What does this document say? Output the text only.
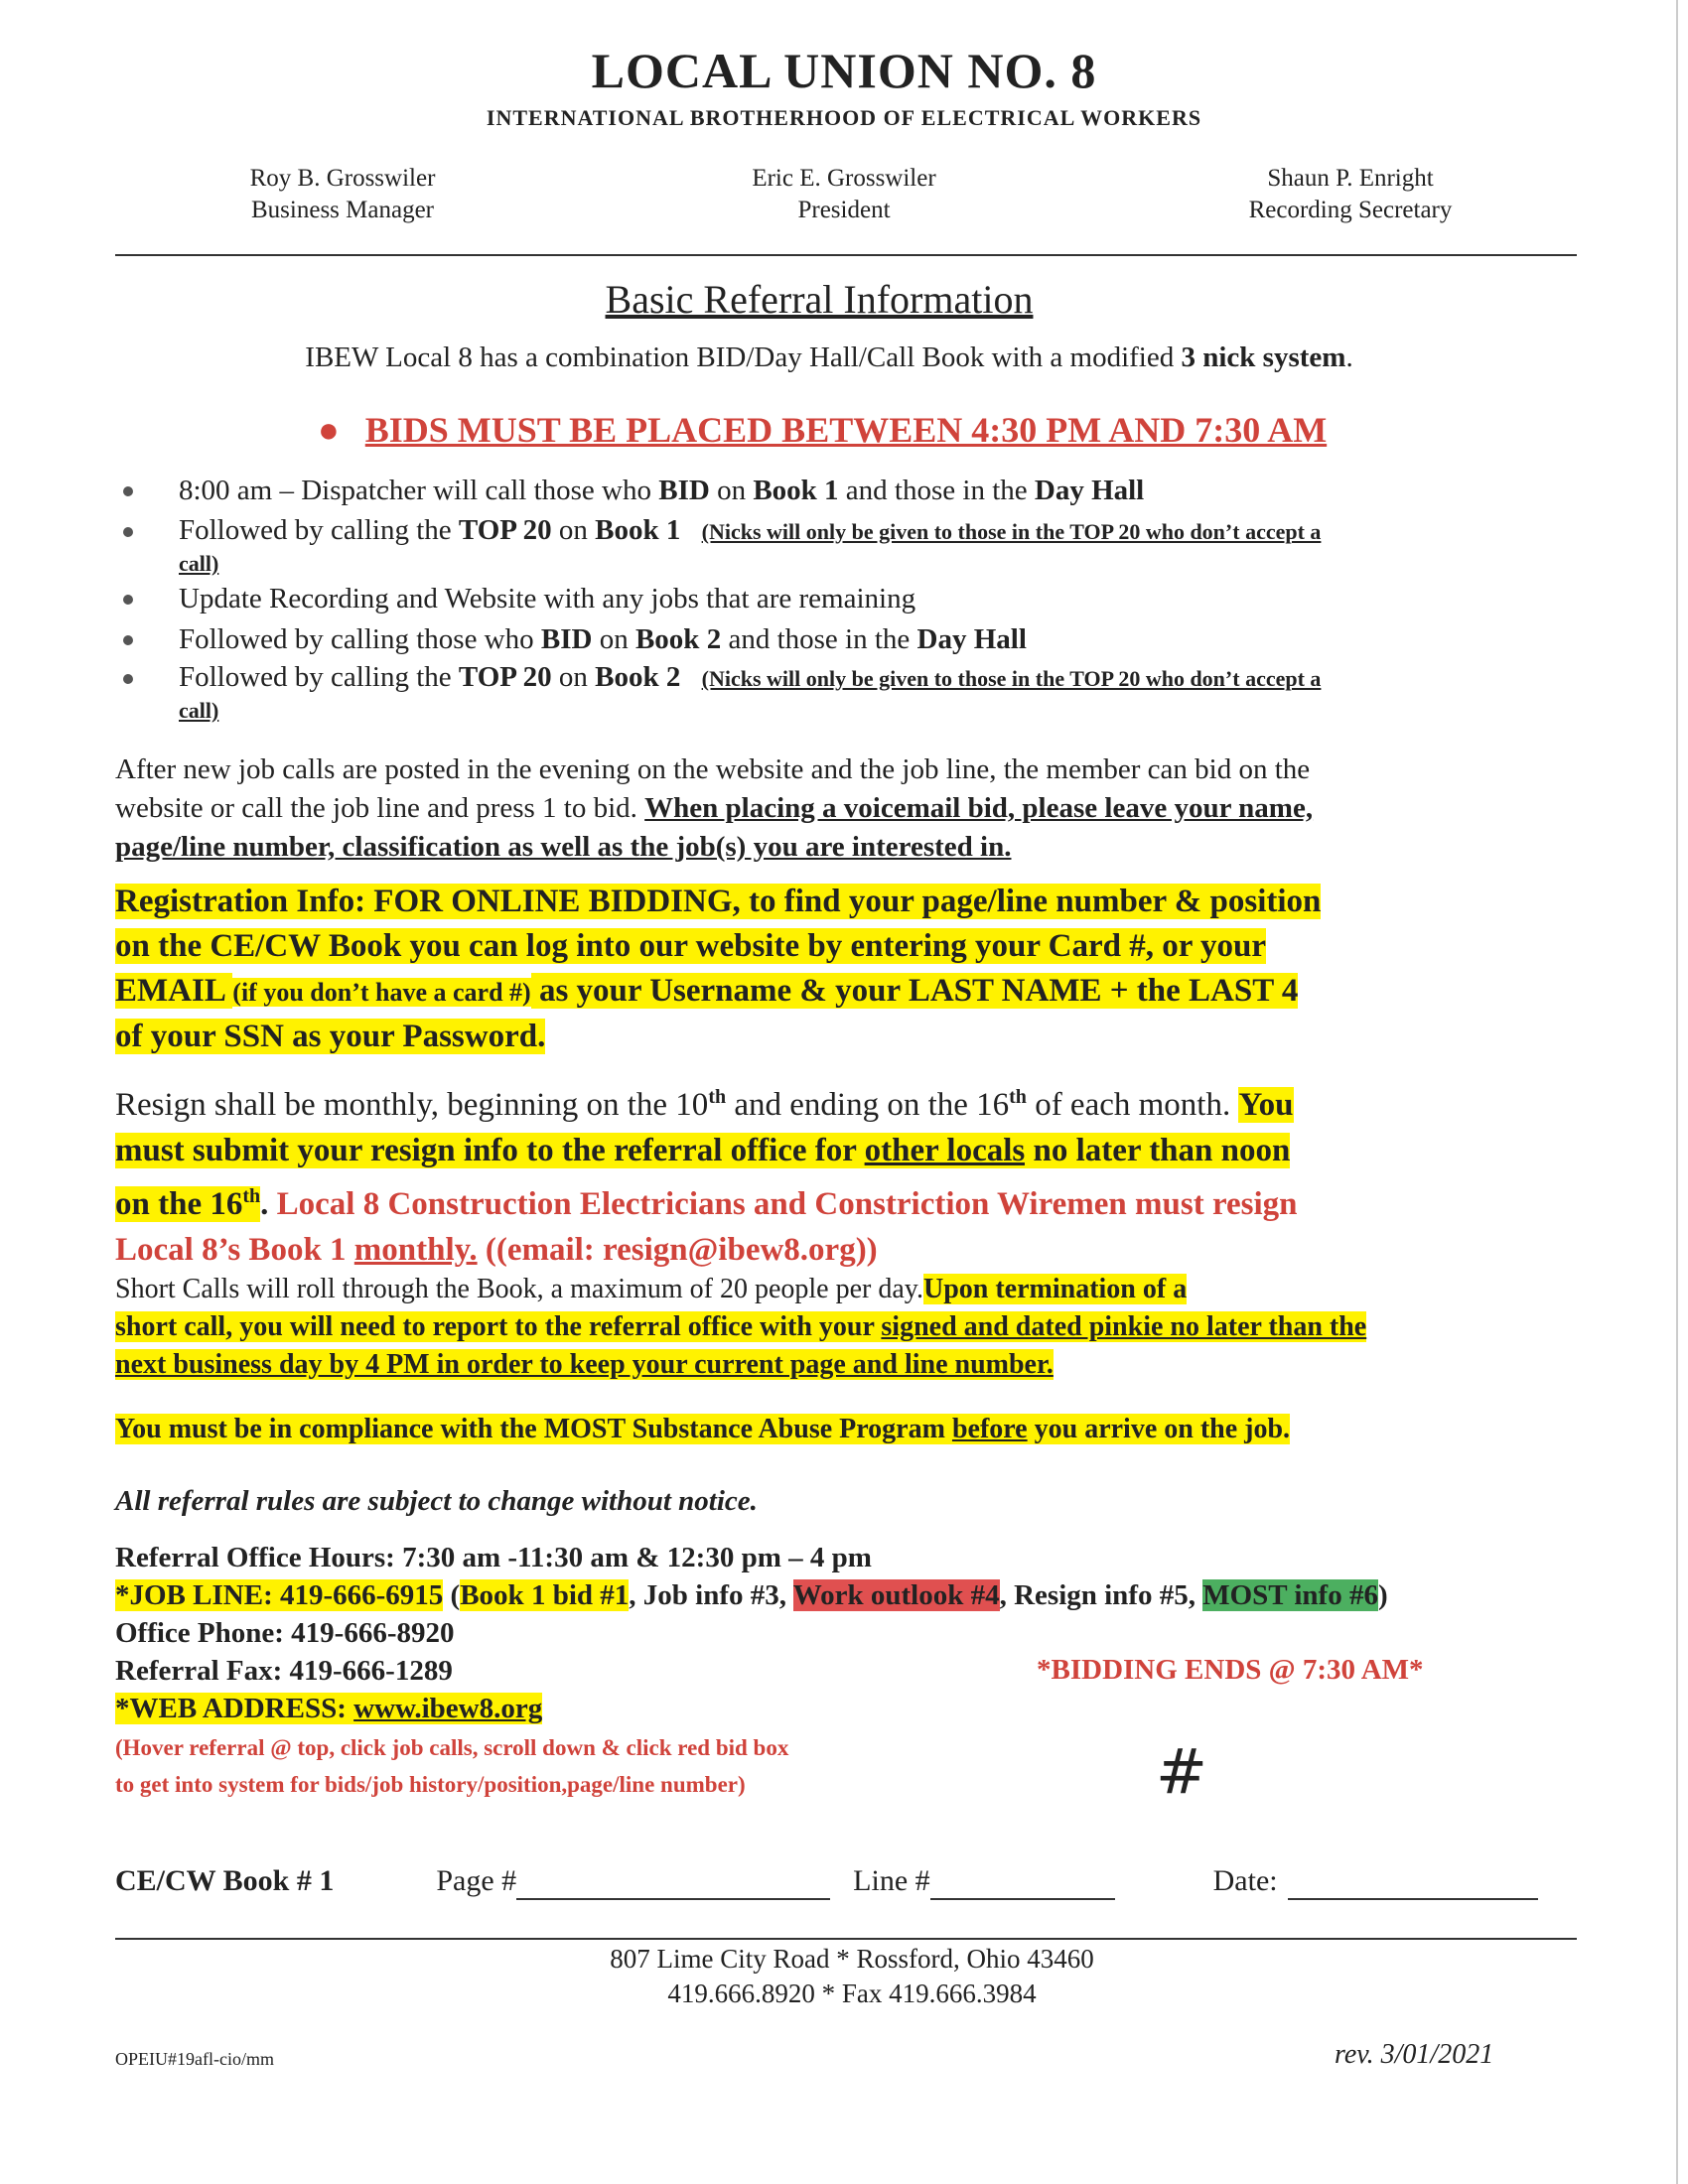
LOCAL UNION NO. 8
INTERNATIONAL BROTHERHOOD OF ELECTRICAL WORKERS
Roy B. Grosswiler
Business Manager
Eric E. Grosswiler
President
Shaun P. Enright
Recording Secretary
Basic Referral Information
IBEW Local 8 has a combination BID/Day Hall/Call Book with a modified 3 nick system.
● BIDS MUST BE PLACED BETWEEN 4:30 PM AND 7:30 AM
8:00 am – Dispatcher will call those who BID on Book 1 and those in the Day Hall
Followed by calling the TOP 20 on Book 1 (Nicks will only be given to those in the TOP 20 who don’t accept a
call)
Update Recording and Website with any jobs that are remaining
Followed by calling those who BID on Book 2 and those in the Day Hall
Followed by calling the TOP 20 on Book 2 (Nicks will only be given to those in the TOP 20 who don’t accept a
call)
After new job calls are posted in the evening on the website and the job line, the member can bid on the
website or call the job line and press 1 to bid. When placing a voicemail bid, please leave your name,
page/line number, classification as well as the job(s) you are interested in.
Registration Info: FOR ONLINE BIDDING, to find your page/line number & position
on the CE/CW Book you can log into our website by entering your Card #, or your
EMAIL (if you don’t have a card #) as your Username & your LAST NAME + the LAST 4
of your SSN as your Password.
Resign shall be monthly, beginning on the 10th and ending on the 16th of each month. You
must submit your resign info to the referral office for other locals no later than noon
on the 16th. Local 8 Construction Electricians and Constriction Wiremen must resign
Local 8’s Book 1 monthly. ((email: resign@ibew8.org))
Short Calls will roll through the Book, a maximum of 20 people per day.Upon termination of a
short call, you will need to report to the referral office with your signed and dated pinkie no later than the
next business day by 4 PM in order to keep your current page and line number.
You must be in compliance with the MOST Substance Abuse Program before you arrive on the job.
All referral rules are subject to change without notice.
Referral Office Hours: 7:30 am -11:30 am & 12:30 pm – 4 pm
*JOB LINE: 419-666-6915 (Book 1 bid #1, Job info #3, Work outlook #4, Resign info #5, MOST info #6)
Office Phone: 419-666-8920
Referral Fax: 419-666-1289
*WEB ADDRESS: www.ibew8.org
*BIDDING ENDS @ 7:30 AM*
(Hover referral @ top, click job calls, scroll down & click red bid box
to get into system for bids/job history/position,page/line number)	#
CE/CW Book # 1	Page #	Line #	Date:
807 Lime City Road * Rossford, Ohio 43460
419.666.8920 * Fax 419.666.3984
OPEIU#19afl-cio/mm	rev. 3/01/2021
